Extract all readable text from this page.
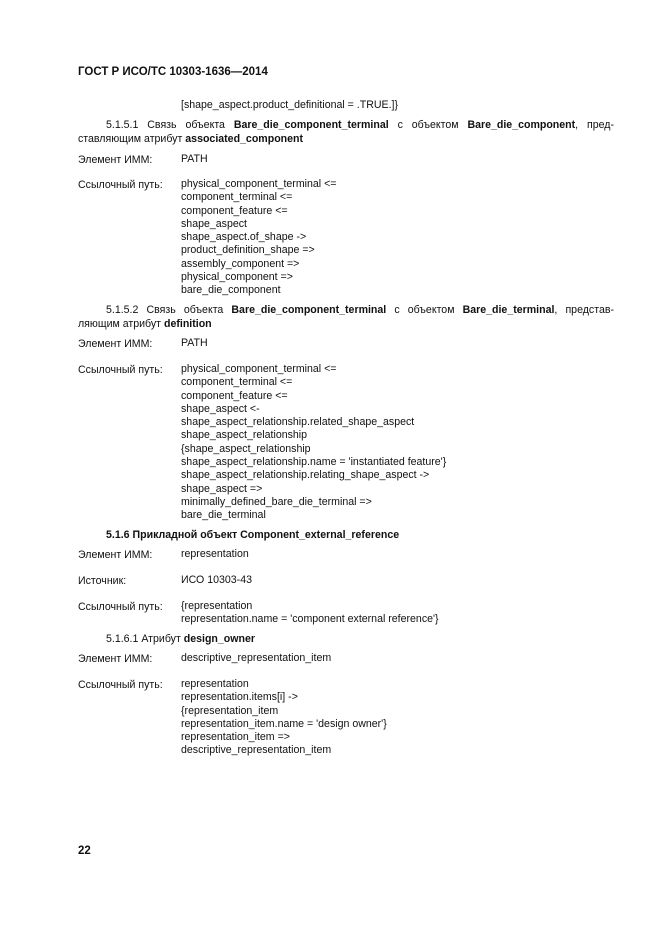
ГОСТ Р ИСО/ТС 10303-1636—2014
[shape_aspect.product_definitional = .TRUE.]}
5.1.5.1 Связь объекта Bare_die_component_terminal с объектом Bare_die_component, пред-
ставляющим атрибут associated_component
Элемент ИММ:	PATH
Ссылочный путь: physical_component_terminal <=
component_terminal <=
component_feature <=
shape_aspect
shape_aspect.of_shape ->
product_definition_shape =>
assembly_component =>
physical_component =>
bare_die_component
5.1.5.2 Связь объекта Bare_die_component_terminal с объектом Bare_die_terminal, представ-
ляющим атрибут definition
Элемент ИММ:	PATH
Ссылочный путь: physical_component_terminal <=
component_terminal <=
component_feature <=
shape_aspect <-
shape_aspect_relationship.related_shape_aspect
shape_aspect_relationship
{shape_aspect_relationship
shape_aspect_relationship.name = 'instantiated feature'}
shape_aspect_relationship.relating_shape_aspect ->
shape_aspect =>
minimally_defined_bare_die_terminal =>
bare_die_terminal
5.1.6 Прикладной объект Component_external_reference
Элемент ИММ:	representation
Источник:	ИСО 10303-43
Ссылочный путь: {representation
representation.name = 'component external reference'}
5.1.6.1 Атрибут design_owner
Элемент ИММ:	descriptive_representation_item
Ссылочный путь: representation
representation.items[i] ->
{representation_item
representation_item.name = 'design owner'}
representation_item =>
descriptive_representation_item
22
